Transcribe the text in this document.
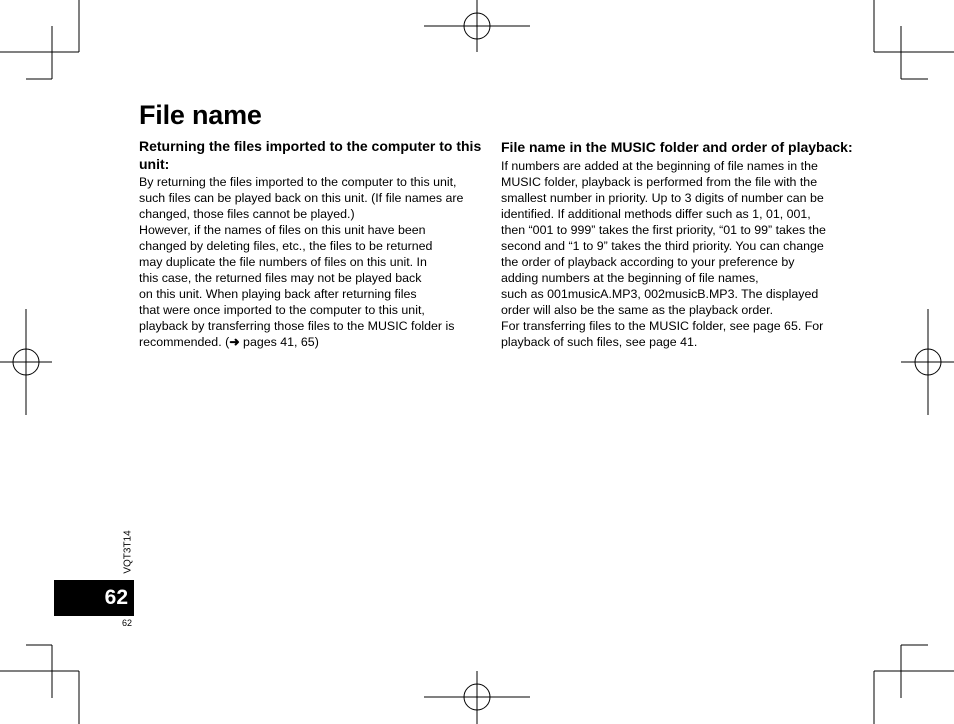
File name
Returning the files imported to the computer to this unit:

By returning the files imported to the computer to this unit,
such files can be played back on this unit. (If file names are
changed, those files cannot be played.)
However, if the names of files on this unit have been
changed by deleting files, etc., the files to be returned
may duplicate the file numbers of files on this unit. In
this case, the returned files may not be played back
on this unit. When playing back after returning files
that were once imported to the computer to this unit,
playback by transferring those files to the MUSIC folder is
recommended. (➜ pages 41, 65)

File name in the MUSIC folder and order of playback:

If numbers are added at the beginning of file names in the
MUSIC folder, playback is performed from the file with the
smallest number in priority. Up to 3 digits of number can be
identified. If additional methods differ such as 1, 01, 001,
then “001 to 999” takes the first priority, “01 to 99” takes the
second and “1 to 9” takes the third priority. You can change
the order of playback according to your preference by
adding numbers at the beginning of file names,
such as 001musicA.MP3, 002musicB.MP3. The displayed
order will also be the same as the playback order.
For transferring files to the MUSIC folder, see page 65. For
playback of such files, see page 41.

VQT3T14
62
62
